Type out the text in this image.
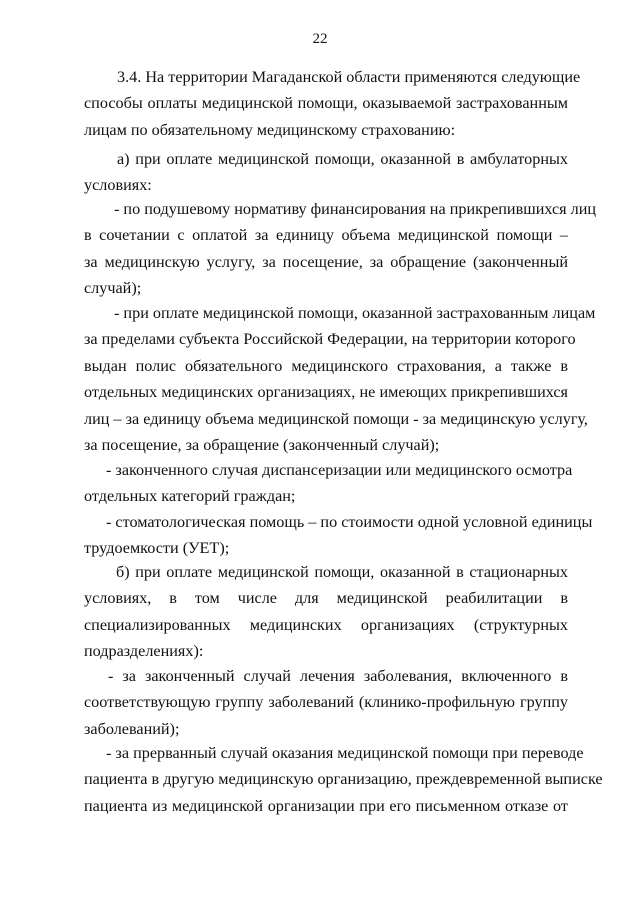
22
3.4. На территории Магаданской области применяются следующие
способы оплаты медицинской помощи, оказываемой застрахованным
лицам по обязательному медицинскому страхованию:
а) при оплате медицинской помощи, оказанной в амбулаторных
условиях:
- по подушевому нормативу финансирования на прикрепившихся лиц
в сочетании с оплатой за единицу объема медицинской помощи –
за медицинскую услугу, за посещение, за обращение (законченный
случай);
- при оплате медицинской помощи, оказанной застрахованным лицам
за пределами субъекта Российской Федерации, на территории которого
выдан полис обязательного медицинского страхования, а также в
отдельных медицинских организациях, не имеющих прикрепившихся
лиц – за единицу объема медицинской помощи - за медицинскую услугу,
за посещение, за обращение (законченный случай);
- законченного случая диспансеризации или медицинского осмотра
отдельных категорий граждан;
- стоматологическая помощь – по стоимости одной условной единицы
трудоемкости (УЕТ);
б) при оплате медицинской помощи, оказанной в стационарных
условиях, в том числе для медицинской реабилитации в
специализированных медицинских организациях (структурных
подразделениях):
- за законченный случай лечения заболевания, включенного в
соответствующую группу заболеваний (клинико-профильную группу
заболеваний);
- за прерванный случай оказания медицинской помощи при переводе
пациента в другую медицинскую организацию, преждевременной выписке
пациента из медицинской организации при его письменном отказе от
